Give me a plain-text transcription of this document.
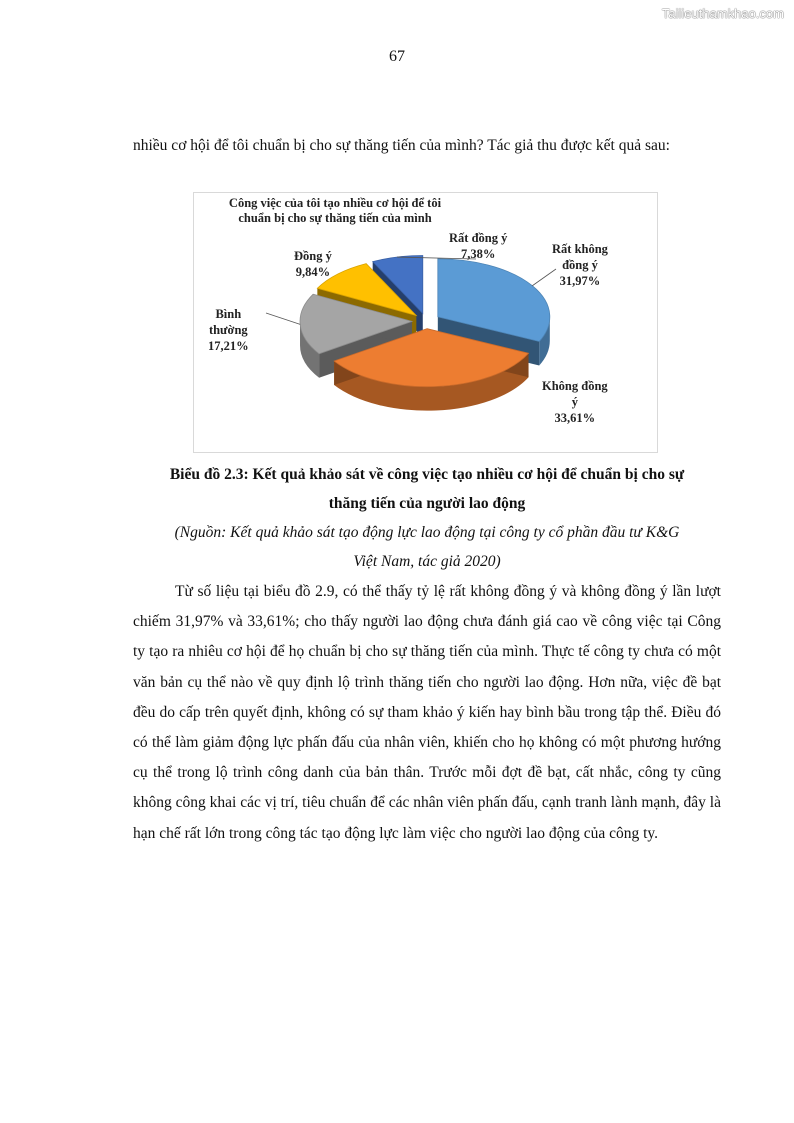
Tailieuthamkhao.com
67
nhiều cơ hội để tôi chuẩn bị cho sự thăng tiến của mình? Tác giả thu được kết quả sau:
Công việc của tôi tạo nhiều cơ hội để tôi
chuẩn bị cho sự thăng tiến của mình
Rất không
đồng ý
31,97%
Không đồng
ý
33,61%
Bình
thường
17,21%
Đồng ý
9,84%
Rất đồng ý
7,38%
Biểu đồ 2.3: Kết quả khảo sát về công việc tạo nhiều cơ hội để chuẩn bị cho sự
thăng tiến của người lao động
(Nguồn: Kết quả khảo sát tạo động lực lao động tại công ty cổ phần đầu tư K&G
Việt Nam, tác giả 2020)
Từ số liệu tại biểu đồ 2.9, có thể thấy tỷ lệ rất không đồng ý và không đồng ý lần lượt chiếm 31,97% và 33,61%; cho thấy người lao động chưa đánh giá cao về công việc tại Công ty tạo ra nhiêu cơ hội để họ chuẩn bị cho sự thăng tiến của mình. Thực tế công ty chưa có một văn bản cụ thể nào về quy định lộ trình thăng tiến cho người lao động. Hơn nữa, việc đề bạt đều do cấp trên quyết định, không có sự tham khảo ý kiến hay bình bầu trong tập thể. Điều đó có thể làm giảm động lực phấn đấu của nhân viên, khiến cho họ không có một phương hướng cụ thể trong lộ trình công danh của bản thân. Trước mỗi đợt đề bạt, cất nhắc, công ty cũng không công khai các vị trí, tiêu chuẩn để các nhân viên phấn đấu, cạnh tranh lành mạnh, đây là hạn chế rất lớn trong công tác tạo động lực làm việc cho người lao động của công ty.
